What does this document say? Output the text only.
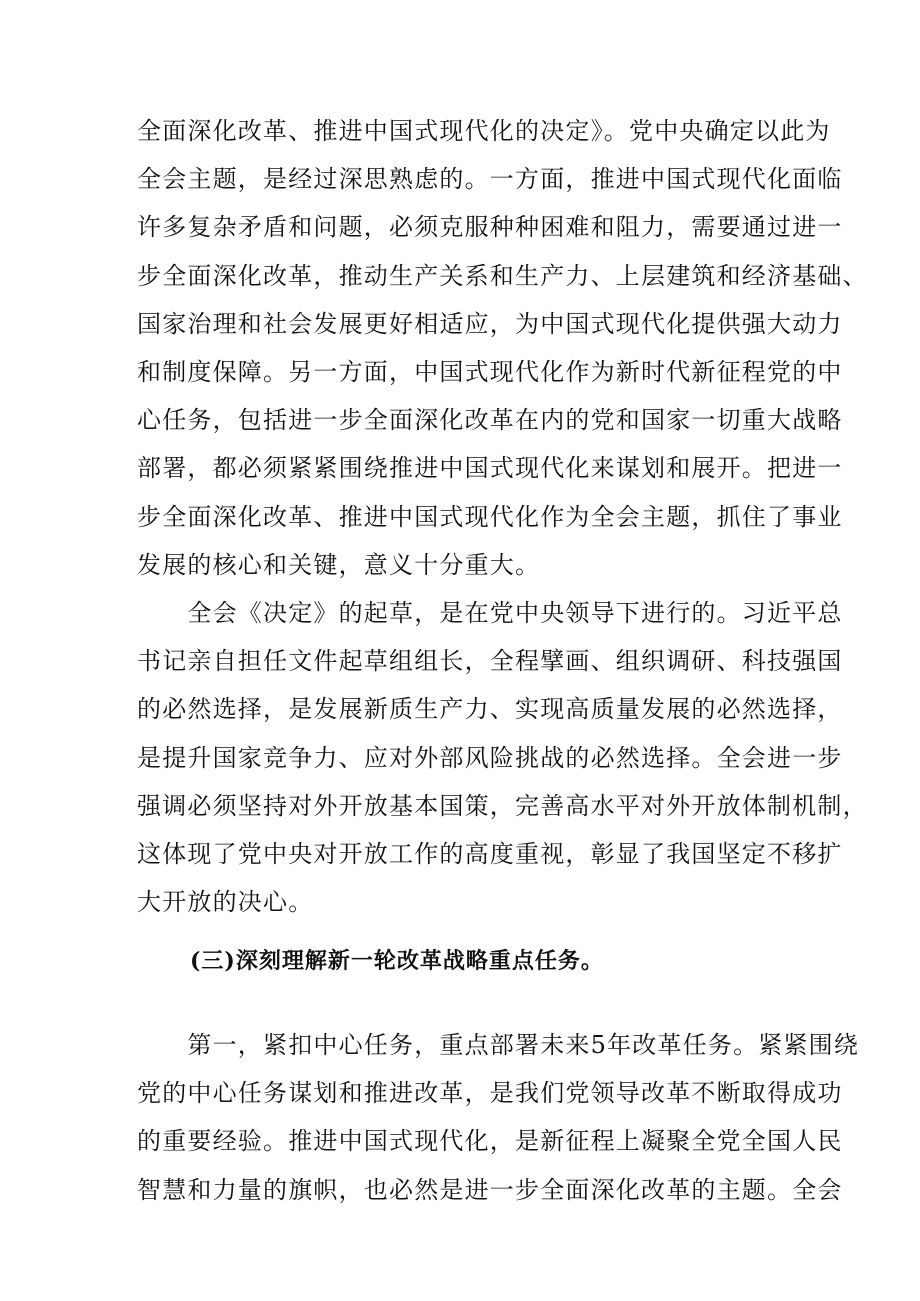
全面深化改革、推进中国式现代化的决定》。党中央确定以此为
全会主题，是经过深思熟虑的。一方面，推进中国式现代化面临
许多复杂矛盾和问题，必须克服种种困难和阻力，需要通过进一
步全面深化改革，推动生产关系和生产力、上层建筑和经济基础、
国家治理和社会发展更好相适应，为中国式现代化提供强大动力
和制度保障。另一方面，中国式现代化作为新时代新征程党的中
心任务，包括进一步全面深化改革在内的党和国家一切重大战略
部署，都必须紧紧围绕推进中国式现代化来谋划和展开。把进一
步全面深化改革、推进中国式现代化作为全会主题，抓住了事业
发展的核心和关键，意义十分重大。
　　全会《决定》的起草，是在党中央领导下进行的。习近平总
书记亲自担任文件起草组组长，全程擘画、组织调研、科技强国
的必然选择，是发展新质生产力、实现高质量发展的必然选择，
是提升国家竞争力、应对外部风险挑战的必然选择。全会进一步
强调必须坚持对外开放基本国策，完善高水平对外开放体制机制，
这体现了党中央对开放工作的高度重视，彰显了我国坚定不移扩
大开放的决心。
(三)深刻理解新一轮改革战略重点任务。
　　第一，紧扣中心任务，重点部署未来5年改革任务。紧紧围绕
党的中心任务谋划和推进改革，是我们党领导改革不断取得成功
的重要经验。推进中国式现代化，是新征程上凝聚全党全国人民
智慧和力量的旗帜，也必然是进一步全面深化改革的主题。全会
